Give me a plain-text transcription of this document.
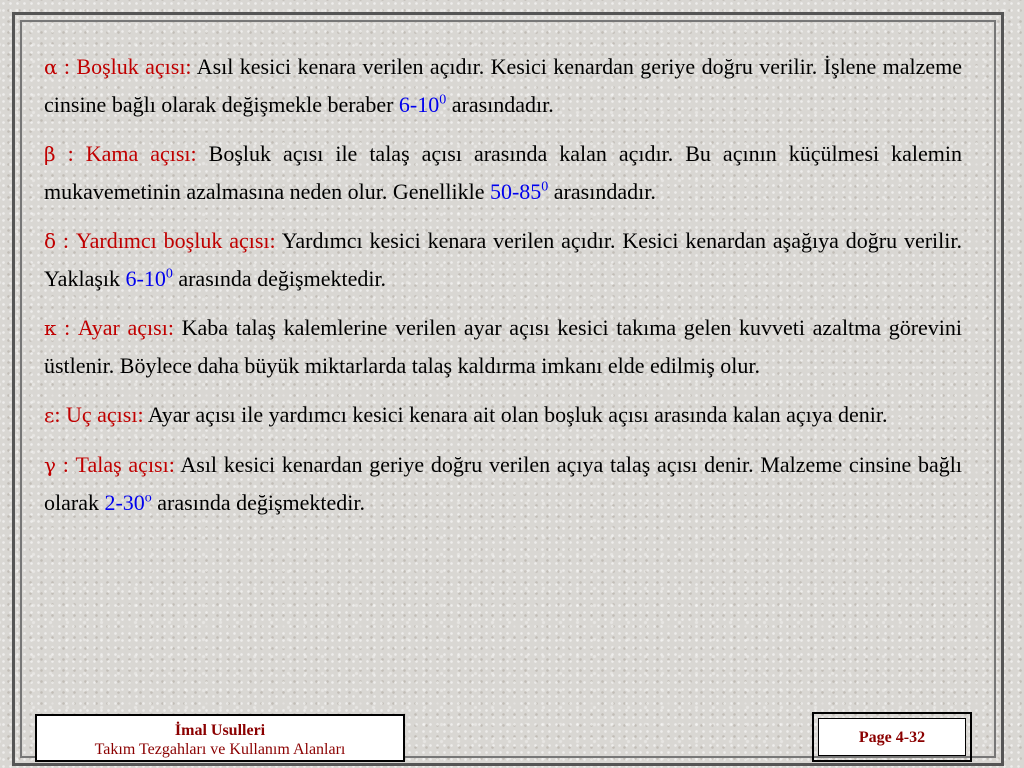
α : Boşluk açısı: Asıl kesici kenara verilen açıdır. Kesici kenardan geriye doğru verilir. İşlene malzeme cinsine bağlı olarak değişmekle beraber $6-10^0$ arasındadır.

β : Kama açısı: Boşluk açısı ile talaş açısı arasında kalan açıdır. Bu açının küçülmesi kalemin mukavemetinin azalmasına neden olur. Genellikle $50-85^0$ arasındadır.

δ : Yardımcı boşluk açısı: Yardımcı kesici kenara verilen açıdır. Kesici kenardan aşağıya doğru verilir. Yaklaşık $6-10^0$ arasında değişmektedir.

κ : Ayar açısı: Kaba talaş kalemlerine verilen ayar açısı kesici takıma gelen kuvveti azaltma görevini üstlenir. Böylece daha büyük miktarlarda talaş kaldırma imkanı elde edilmiş olur.

ε: Uç açısı: Ayar açısı ile yardımcı kesici kenara ait olan boşluk açısı arasında kalan açıya denir.

γ : Talaş açısı: Asıl kesici kenardan geriye doğru verilen açıya talaş açısı denir. Malzeme cinsine bağlı olarak 2-30$^o$ arasında değişmektedir.

İmal Usulleri
Takım Tezgahları ve Kullanım Alanları
Page 4-32
